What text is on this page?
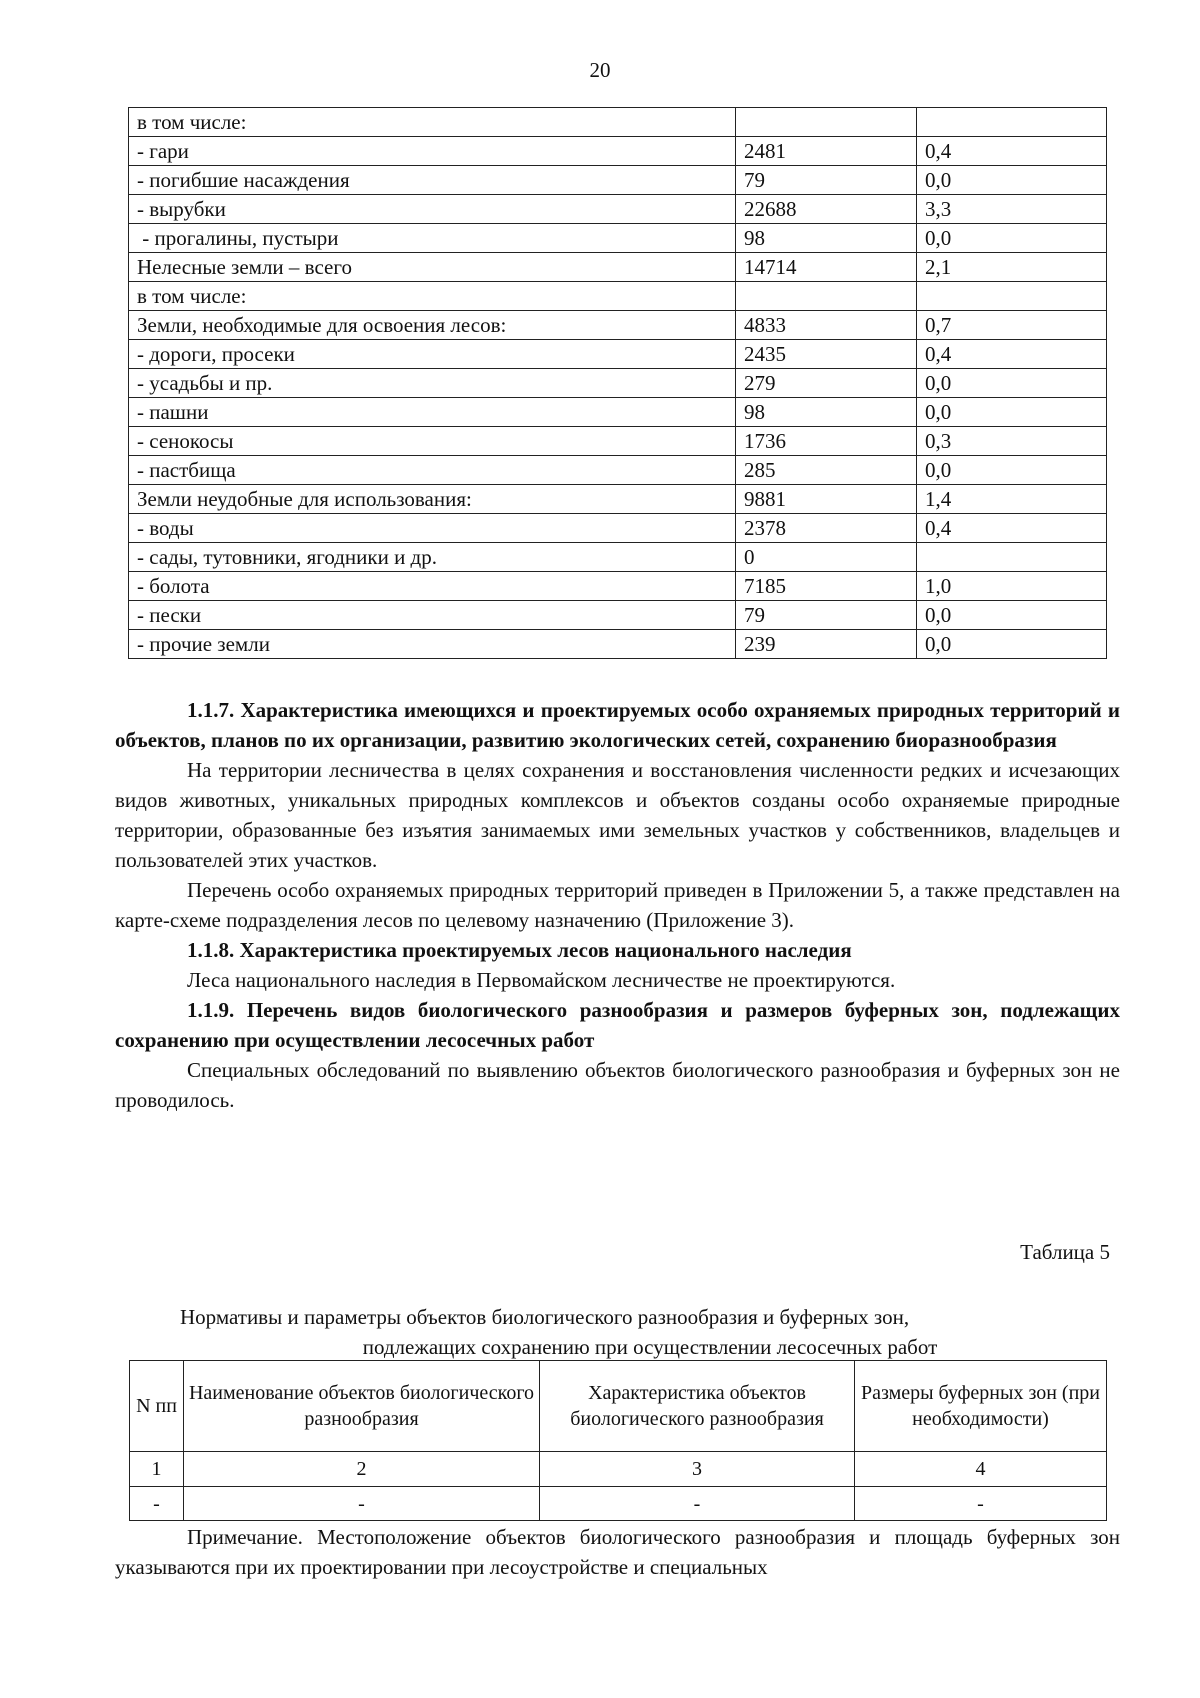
20
в том числе:		
- гари	2481	0,4
- погибшие насаждения	79	0,0
- вырубки	22688	3,3
- прогалины, пустыри	98	0,0
Нелесные земли – всего	14714	2,1
в том числе:		
Земли, необходимые для освоения лесов:	4833	0,7
- дороги, просеки	2435	0,4
- усадьбы и пр.	279	0,0
- пашни	98	0,0
- сенокосы	1736	0,3
- пастбища	285	0,0
Земли неудобные для использования:	9881	1,4
- воды	2378	0,4
- сады, тутовники, ягодники и др.	0	
- болота	7185	1,0
- пески	79	0,0
- прочие земли	239	0,0
1.1.7. Характеристика имеющихся и проектируемых особо охраняемых природных территорий и объектов, планов по их организации, развитию экологических сетей, сохранению биоразнообразия
На территории лесничества в целях сохранения и восстановления численности редких и исчезающих видов животных, уникальных природных комплексов и объектов созданы особо охраняемые природные территории, образованные без изъятия занимаемых ими земельных участков у собственников, владельцев и пользователей этих участков.
Перечень особо охраняемых природных территорий приведен в Приложении 5, а также представлен на карте-схеме подразделения лесов по целевому назначению (Приложение 3).
1.1.8. Характеристика проектируемых лесов национального наследия
Леса национального наследия в Первомайском лесничестве не проектируются.
1.1.9. Перечень видов биологического разнообразия и размеров буферных зон, подлежащих сохранению при осуществлении лесосечных работ
Специальных обследований по выявлению объектов биологического разнообразия и буферных зон не проводилось.
Таблица 5
Нормативы и параметры объектов биологического разнообразия и буферных зон,
подлежащих сохранению при осуществлении лесосечных работ
N пп	Наименование объектов биологического разнообразия	Характеристика объектов биологического разнообразия	Размеры буферных зон (при необходимости)
1	2	3	4
-	-	-	-
Примечание. Местоположение объектов биологического разнообразия и площадь буферных зон указываются при их проектировании при лесоустройстве и специальных
